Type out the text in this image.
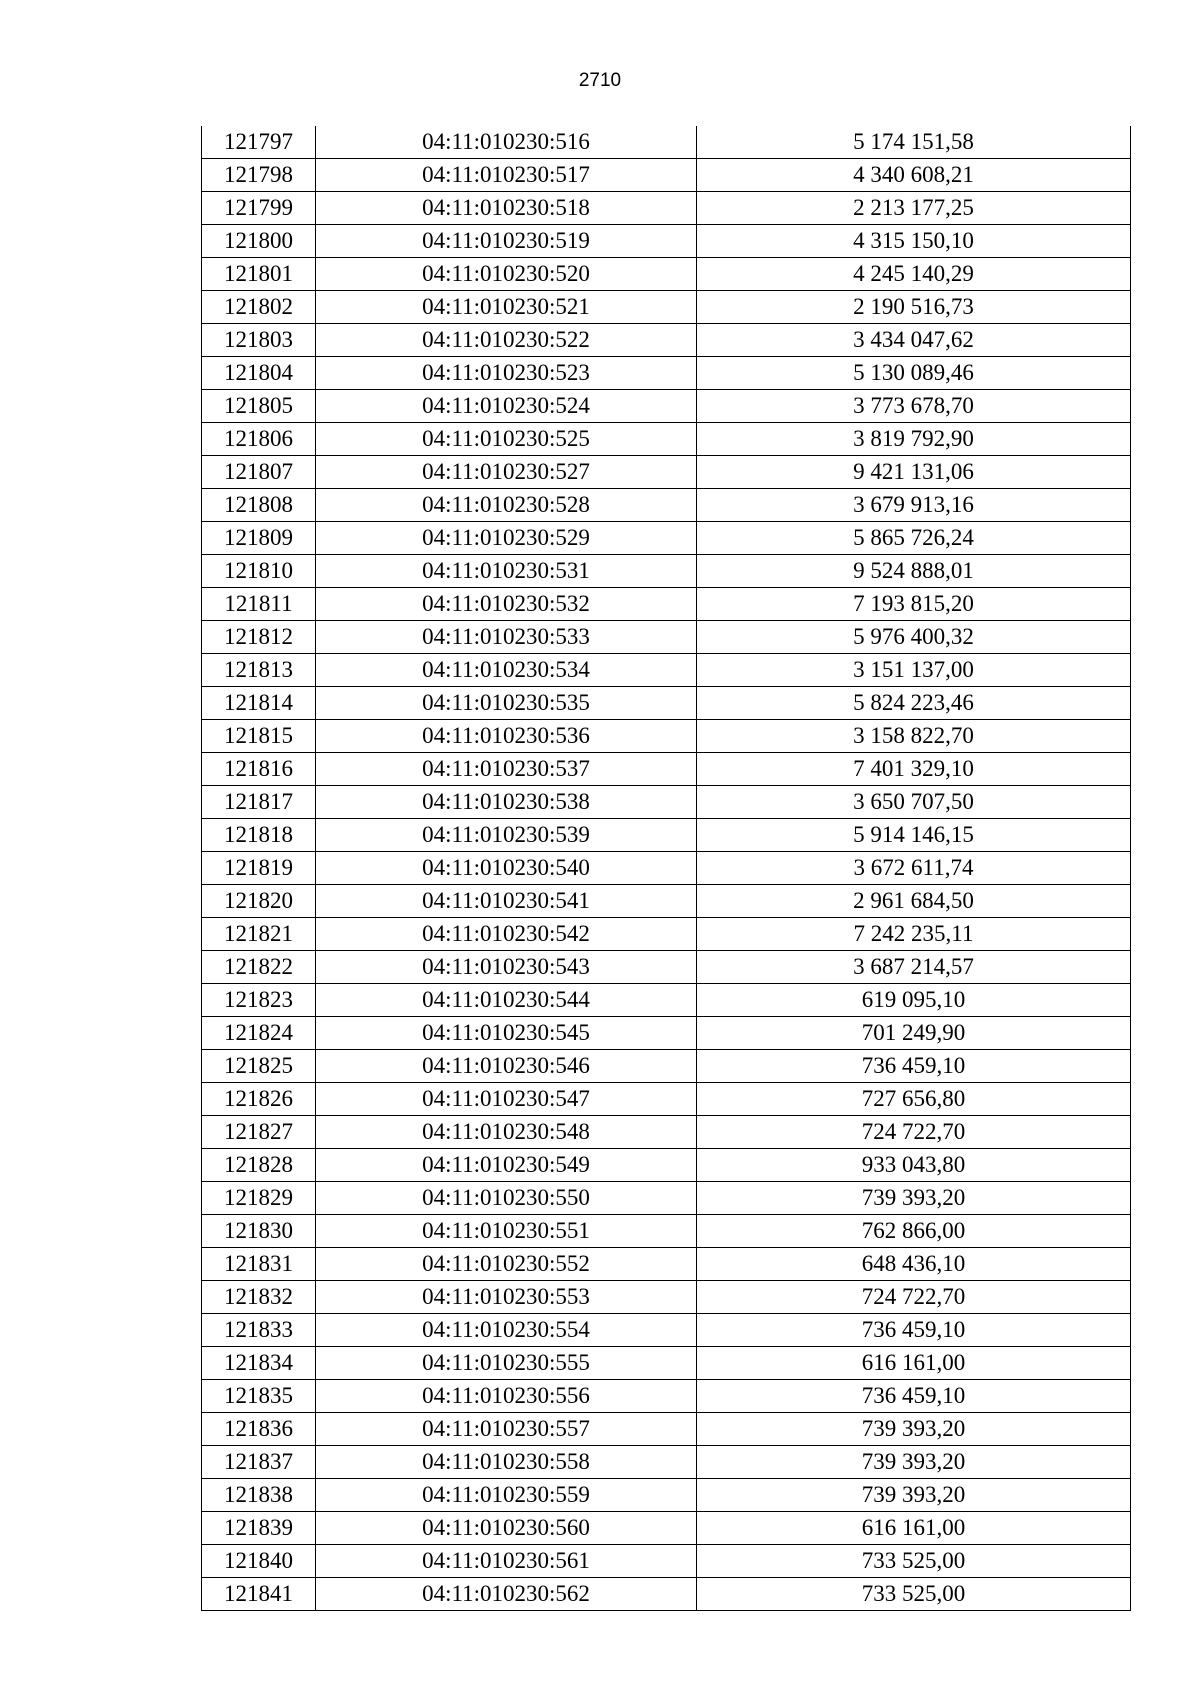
2710
121797	04:11:010230:516	5 174 151,58
121798	04:11:010230:517	4 340 608,21
121799	04:11:010230:518	2 213 177,25
121800	04:11:010230:519	4 315 150,10
121801	04:11:010230:520	4 245 140,29
121802	04:11:010230:521	2 190 516,73
121803	04:11:010230:522	3 434 047,62
121804	04:11:010230:523	5 130 089,46
121805	04:11:010230:524	3 773 678,70
121806	04:11:010230:525	3 819 792,90
121807	04:11:010230:527	9 421 131,06
121808	04:11:010230:528	3 679 913,16
121809	04:11:010230:529	5 865 726,24
121810	04:11:010230:531	9 524 888,01
121811	04:11:010230:532	7 193 815,20
121812	04:11:010230:533	5 976 400,32
121813	04:11:010230:534	3 151 137,00
121814	04:11:010230:535	5 824 223,46
121815	04:11:010230:536	3 158 822,70
121816	04:11:010230:537	7 401 329,10
121817	04:11:010230:538	3 650 707,50
121818	04:11:010230:539	5 914 146,15
121819	04:11:010230:540	3 672 611,74
121820	04:11:010230:541	2 961 684,50
121821	04:11:010230:542	7 242 235,11
121822	04:11:010230:543	3 687 214,57
121823	04:11:010230:544	619 095,10
121824	04:11:010230:545	701 249,90
121825	04:11:010230:546	736 459,10
121826	04:11:010230:547	727 656,80
121827	04:11:010230:548	724 722,70
121828	04:11:010230:549	933 043,80
121829	04:11:010230:550	739 393,20
121830	04:11:010230:551	762 866,00
121831	04:11:010230:552	648 436,10
121832	04:11:010230:553	724 722,70
121833	04:11:010230:554	736 459,10
121834	04:11:010230:555	616 161,00
121835	04:11:010230:556	736 459,10
121836	04:11:010230:557	739 393,20
121837	04:11:010230:558	739 393,20
121838	04:11:010230:559	739 393,20
121839	04:11:010230:560	616 161,00
121840	04:11:010230:561	733 525,00
121841	04:11:010230:562	733 525,00
